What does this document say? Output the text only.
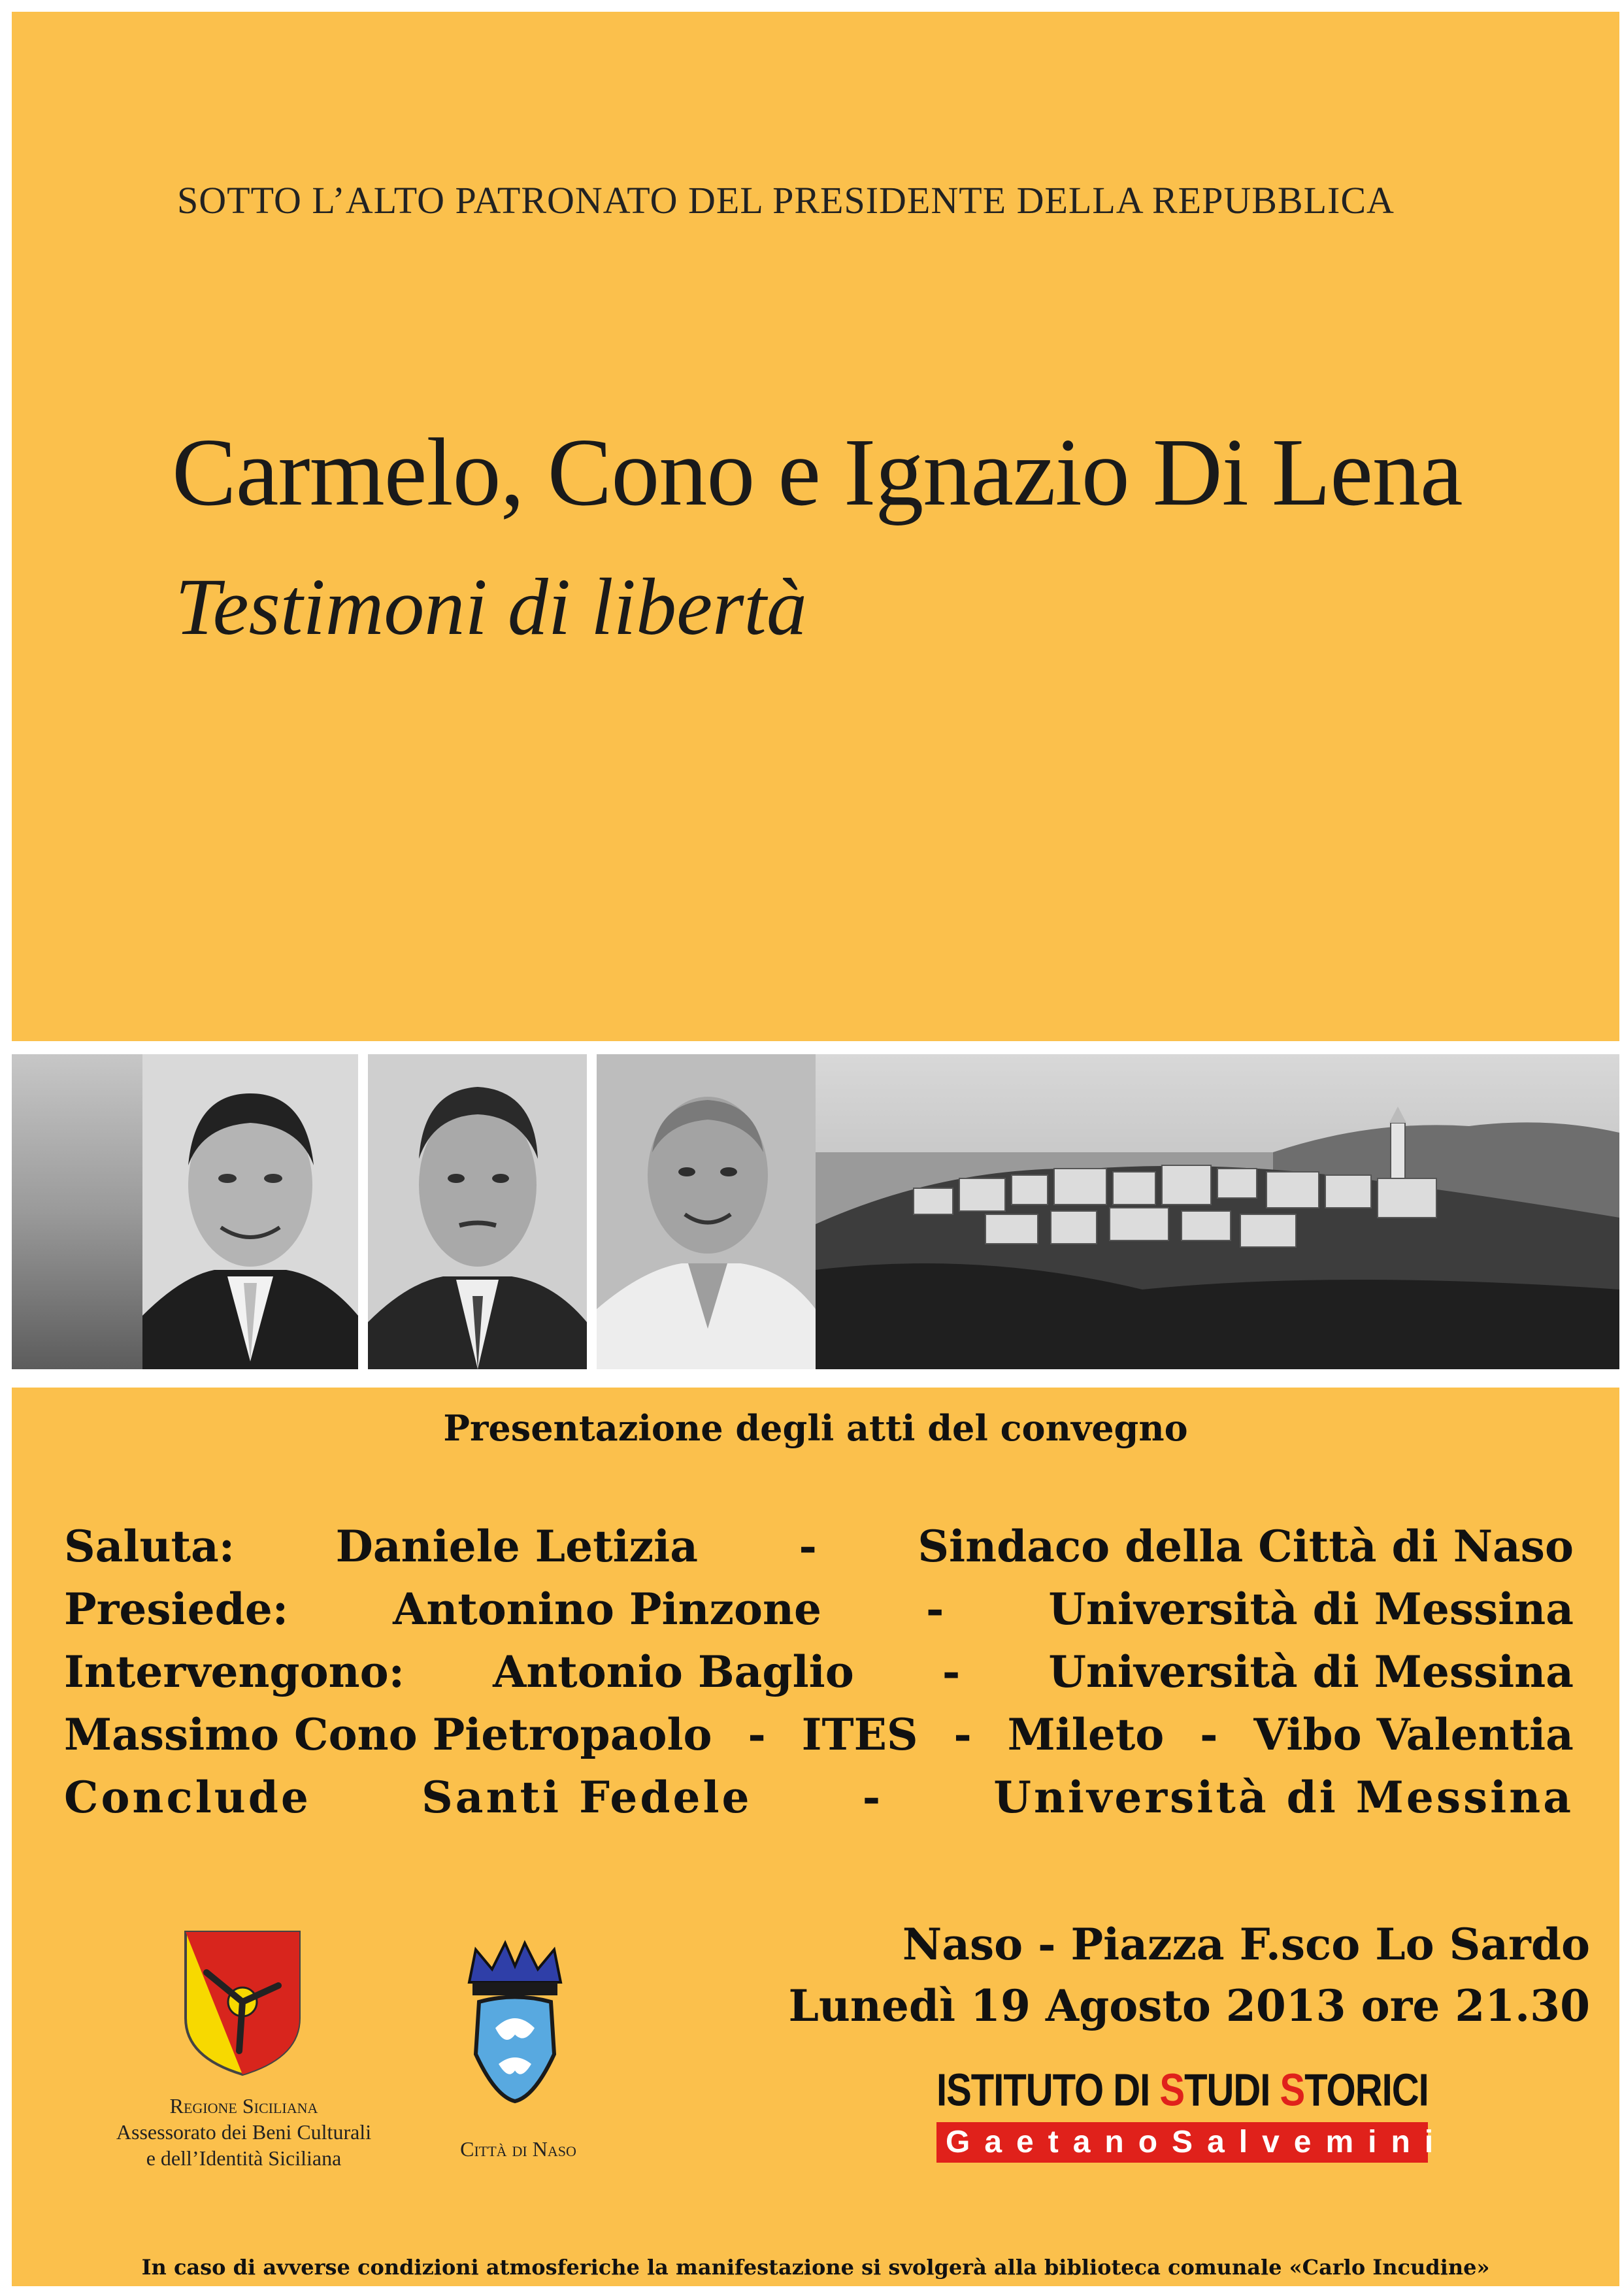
SOTTO L’ALTO PATRONATO DEL PRESIDENTE DELLA REPUBBLICA
Carmelo, Cono e Ignazio Di Lena
Testimoni di libertà
Presentazione degli atti del convegno
Saluta: Daniele Letizia - Sindaco della Città di Naso
Presiede: Antonino Pinzone - Università di Messina
Intervengono: Antonio Baglio - Università di Messina
Massimo Cono Pietropaolo - ITES - Mileto - Vibo Valentia
Conclude	Santi Fedele	-	Università di Messina
Naso - Piazza F.sco Lo Sardo
Lunedì 19 Agosto 2013 ore 21.30
Regione Siciliana
Assessorato dei Beni Culturali
e dell’Identità Siciliana	Città di Naso
ISTITUTO DI STUDI STORICI
GaetanoSalvemini
In caso di avverse condizioni atmosferiche la manifestazione si svolgerà alla biblioteca comunale «Carlo Incudine»
